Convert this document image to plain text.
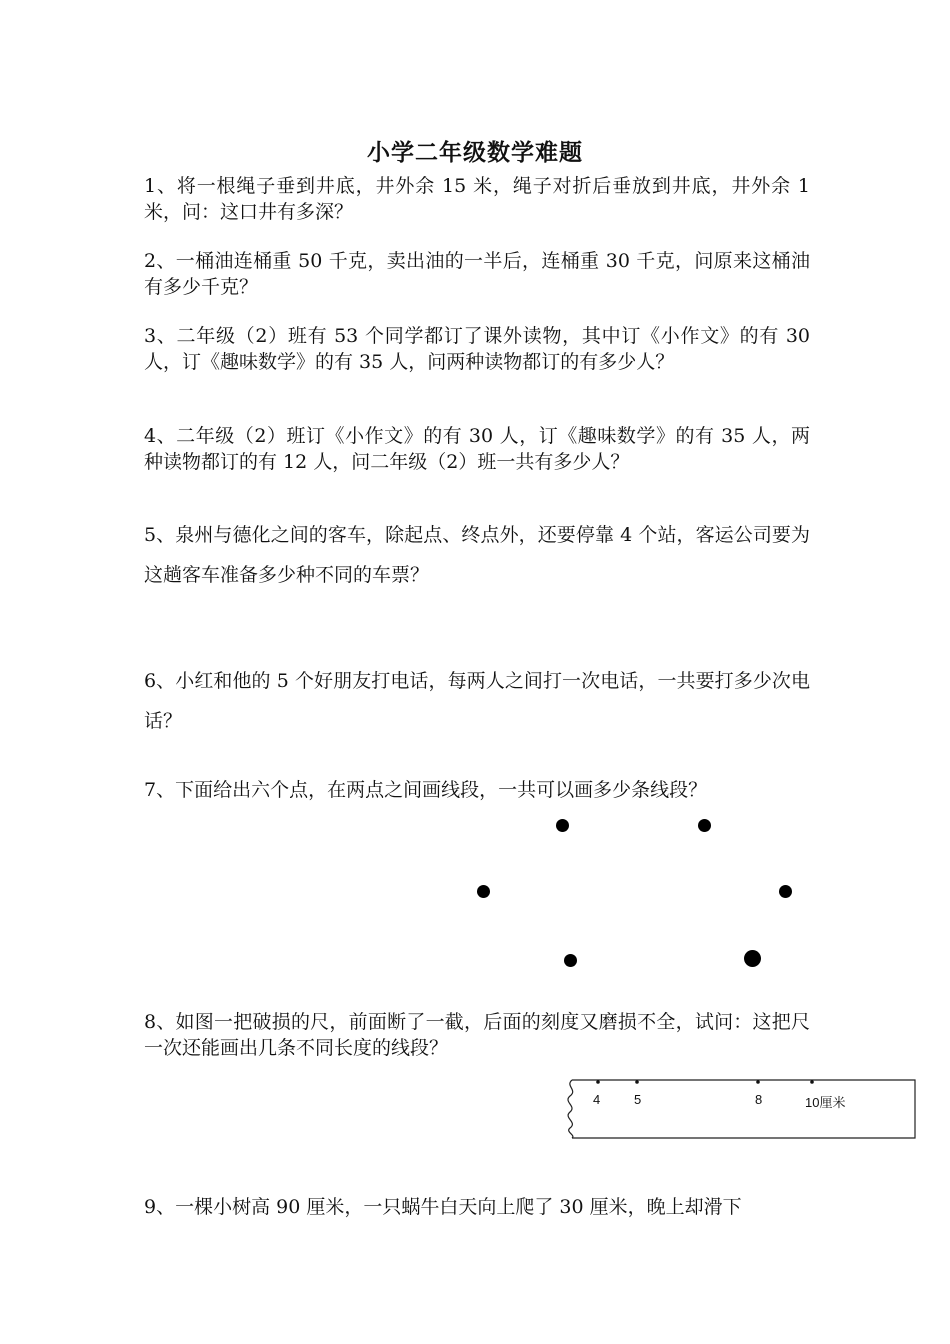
小学二年级数学难题
1、将一根绳子垂到井底，井外余 15 米，绳子对折后垂放到井底，井外余 1 米，问：这口井有多深？
2、一桶油连桶重 50 千克，卖出油的一半后，连桶重 30 千克，问原来这桶油有多少千克？
3、二年级（2）班有 53 个同学都订了课外读物，其中订《小作文》的有 30 人，订《趣味数学》的有 35 人，问两种读物都订的有多少人？
4、二年级（2）班订《小作文》的有 30 人，订《趣味数学》的有 35 人，两种读物都订的有 12 人，问二年级（2）班一共有多少人？
5、泉州与德化之间的客车，除起点、终点外，还要停靠 4 个站，客运公司要为这趟客车准备多少种不同的车票？
6、小红和他的 5 个好朋友打电话，每两人之间打一次电话，一共要打多少次电话？
7、下面给出六个点，在两点之间画线段，一共可以画多少条线段？
8、如图一把破损的尺，前面断了一截，后面的刻度又磨损不全，试问：这把尺一次还能画出几条不同长度的线段？
4	5	8	10厘米
9、一棵小树高 90 厘米，一只蜗牛白天向上爬了 30 厘米，晚上却滑下
